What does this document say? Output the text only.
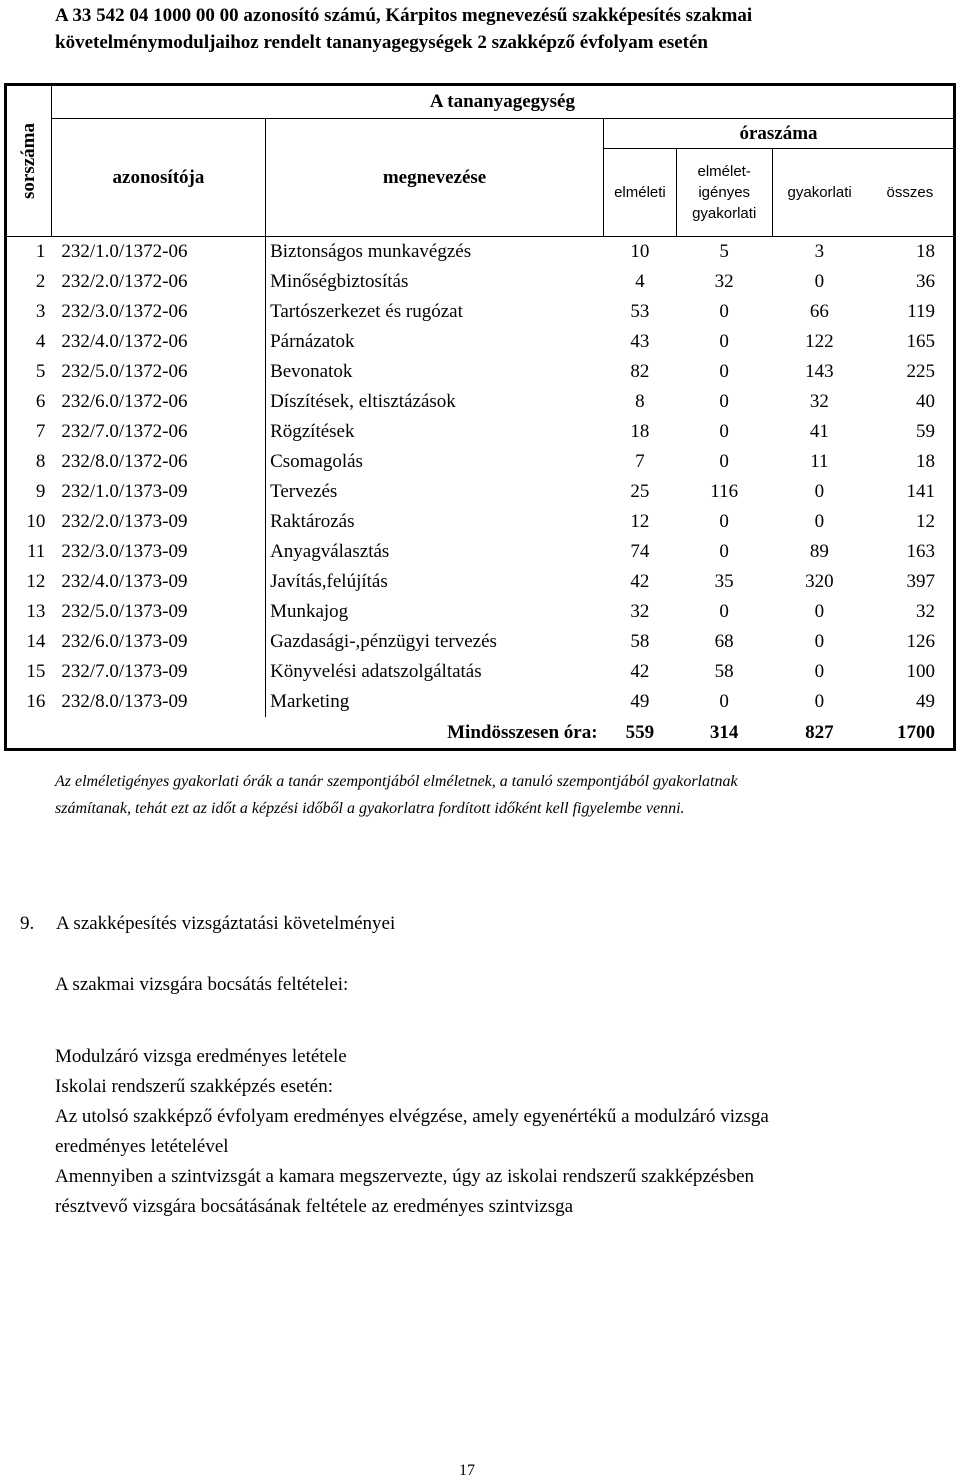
A 33 542 04 1000 00 00 azonosító számú, Kárpitos megnevezésű szakképesítés szakmai
követelménymoduljaihoz rendelt tananyagegységek 2 szakképző évfolyam esetén
sorszáma	A tananyagegység					
	azonosítója	megnevezése	óraszáma			
			elméleti	elmélet-
igényes
gyakorlati	gyakorlati	összes
1	232/1.0/1372-06	Biztonságos munkavégzés	10	5	3	18
2	232/2.0/1372-06	Minőségbiztosítás	4	32	0	36
3	232/3.0/1372-06	Tartószerkezet és rugózat	53	0	66	119
4	232/4.0/1372-06	Párnázatok	43	0	122	165
5	232/5.0/1372-06	Bevonatok	82	0	143	225
6	232/6.0/1372-06	Díszítések, eltisztázások	8	0	32	40
7	232/7.0/1372-06	Rögzítések	18	0	41	59
8	232/8.0/1372-06	Csomagolás	7	0	11	18
9	232/1.0/1373-09	Tervezés	25	116	0	141
10	232/2.0/1373-09	Raktározás	12	0	0	12
11	232/3.0/1373-09	Anyagválasztás	74	0	89	163
12	232/4.0/1373-09	Javítás,felújítás	42	35	320	397
13	232/5.0/1373-09	Munkajog	32	0	0	32
14	232/6.0/1373-09	Gazdasági-,pénzügyi tervezés	58	68	0	126
15	232/7.0/1373-09	Könyvelési adatszolgáltatás	42	58	0	100
16	232/8.0/1373-09	Marketing	49	0	0	49
Mindösszesen óra:			559	314	827	1700
Az elméletigényes gyakorlati órák a tanár szempontjából elméletnek, a tanuló szempontjából gyakorlatnak
számítanak, tehát ezt az időt a képzési időből a gyakorlatra fordított időként kell figyelembe venni.
9. A szakképesítés vizsgáztatási követelményei
A szakmai vizsgára bocsátás feltételei:
Modulzáró vizsga eredményes letétele
Iskolai rendszerű szakképzés esetén:
Az utolsó szakképző évfolyam eredményes elvégzése, amely egyenértékű a modulzáró vizsga
eredményes letételével
Amennyiben a szintvizsgát a kamara megszervezte, úgy az iskolai rendszerű szakképzésben
résztvevő vizsgára bocsátásának feltétele az eredményes szintvizsga
17
